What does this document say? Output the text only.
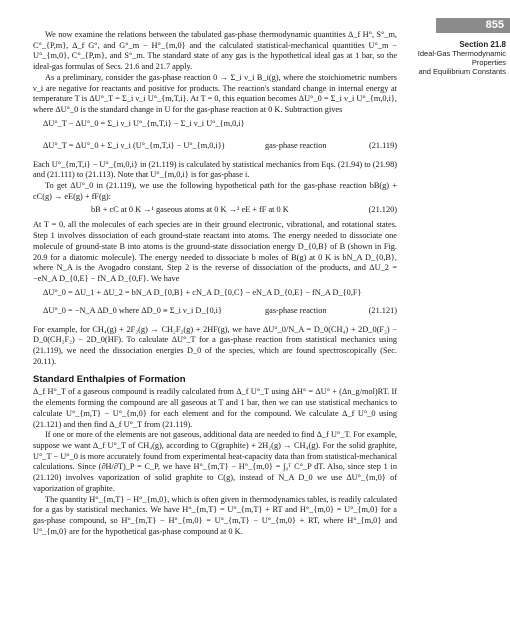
855
Section 21.8
Ideal-Gas Thermodynamic Properties
and Equilibrium Constants

We now examine the relations between the tabulated gas-phase thermodynamic quantities Δ_f H°, S°_m, C°_{P,m}, Δ_f G°, and G°_m − H°_{m,0} and the calculated statistical-mechanical quantities U°_m − U°_{m,0}, C°_{P,m}, and S°_m. The standard state of any gas is the hypothetical ideal gas at 1 bar, so the ideal-gas formulas of Secs. 21.6 and 21.7 apply.

As a preliminary, consider the gas-phase reaction 0 → Σ_i ν_i B_i(g), where the stoichiometric numbers ν_i are negative for reactants and positive for products. The reaction's standard change in internal energy at temperature T is ΔU°_T = Σ_i ν_i U°_{m,T,i}. At T = 0, this equation becomes ΔU°_0 = Σ_i ν_i U°_{m,0,i}, where ΔU°_0 is the standard change in U for the gas-phase reaction at 0 K. Subtraction gives

ΔU°_T − ΔU°_0 = Σ_i ν_i U°_{m,T,i} − Σ_i ν_i U°_{m,0,i}
ΔU°_T = ΔU°_0 + Σ_i ν_i (U°_{m,T,i} − U°_{m,0,i})	gas-phase reaction	(21.119)

Each U°_{m,T,i} − U°_{m,0,i} in (21.119) is calculated by statistical mechanics from Eqs. (21.94) to (21.98) and (21.111) to (21.113). Note that U°_{m,0,i} is for gas-phase i.

To get ΔU°_0 in (21.119), we use the following hypothetical path for the gas-phase reaction bB(g) + cC(g) → eE(g) + fF(g):

bB + cC at 0 K →¹ gaseous atoms at 0 K →² eE + fF at 0 K	(21.120)

At T = 0, all the molecules of each species are in their ground electronic, vibrational, and rotational states. Step 1 involves dissociation of each ground-state reactant into atoms. The energy needed to dissociate one molecule of ground-state B into atoms is the ground-state dissociation energy D_{0,B} of B (shown in Fig. 20.9 for a diatomic molecule). The energy needed to dissociate b moles of B(g) at 0 K is bN_A D_{0,B}, where N_A is the Avogadro constant. Step 2 is the reverse of dissociation of the products, and ΔU_2 = −eN_A D_{0,E} − fN_A D_{0,F}. We have

ΔU°_0 = ΔU_1 + ΔU_2 = bN_A D_{0,B} + cN_A D_{0,C} − eN_A D_{0,E} − fN_A D_{0,F}
ΔU°_0 = −N_A ΔD_0 where ΔD_0 ≡ Σ_i ν_i D_{0,i}	gas-phase reaction	(21.121)

For example, for CH₄(g) + 2F₂(g) → CH₂F₂(g) + 2HF(g), we have ΔU°_0/N_A = D_0(CH₄) + 2D_0(F₂) − D_0(CH₂F₂) − 2D_0(HF). To calculate ΔU°_T for a gas-phase reaction from statistical mechanics using (21.119), we need the dissociation energies D_0 of the species, which are found spectroscopically (Sec. 20.11).

Standard Enthalpies of Formation

Δ_f H°_T of a gaseous compound is readily calculated from Δ_f U°_T using ΔH° = ΔU° + (Δn_g/mol)RT. If the elements forming the compound are all gaseous at T and 1 bar, then we can use statistical mechanics to calculate U°_{m,T} − U°_{m,0} for each element and for the compound. We calculate Δ_f U°_0 using (21.121) and then find Δ_f U°_T from (21.119).

If one or more of the elements are not gaseous, additional data are needed to find Δ_f U°_T. For example, suppose we want Δ_f U°_T of CH₄(g), according to C(graphite) + 2H₂(g) → CH₄(g). For the solid graphite, U°_T − U°_0 is more accurately found from experimental heat-capacity data than from statistical-mechanical calculations. Since (∂H/∂T)_P = C_P, we have H°_{m,T} − H°_{m,0} = ∫₀ᵀ C°_P dT. Also, since step 1 in (21.120) involves vaporization of solid graphite to C(g), instead of N_A D_0 we use ΔU°_{m,0} of vaporization of graphite.

The quantity H°_{m,T} − H°_{m,0}, which is often given in thermodynamics tables, is readily calculated for a gas by statistical mechanics. We have H°_{m,T} = U°_{m,T} + RT and H°_{m,0} = U°_{m,0} for a gas-phase compound, so H°_{m,T} − H°_{m,0} = U°_{m,T} − U°_{m,0} + RT, where H°_{m,0} and U°_{m,0} are for the hypothetical gas-phase compound at 0 K.
